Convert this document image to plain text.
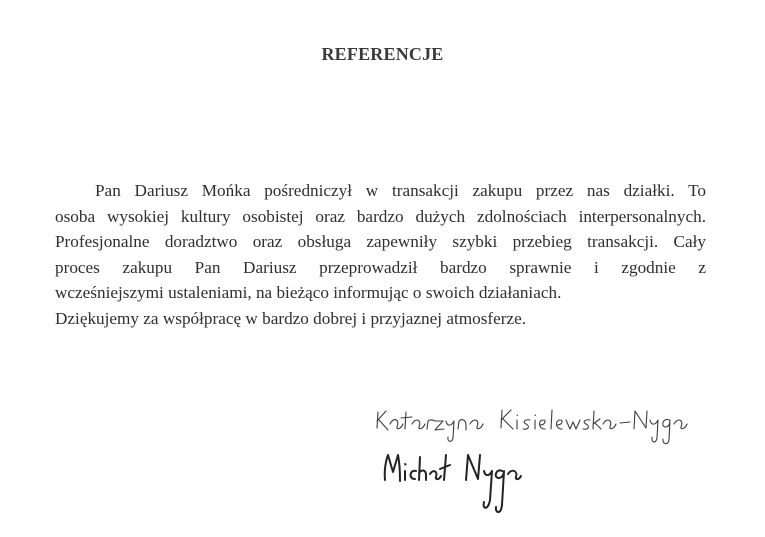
REFERENCJE
Pan Dariusz Mońka pośredniczył w transakcji zakupu przez nas działki. To
osoba wysokiej kultury osobistej oraz bardzo dużych zdolnościach interpersonalnych.
Profesjonalne doradztwo oraz obsługa zapewniły szybki przebieg transakcji. Cały
proces zakupu Pan Dariusz przeprowadził bardzo sprawnie i zgodnie z
wcześniejszymi ustaleniami, na bieżąco informując o swoich działaniach.
Dziękujemy za współpracę w bardzo dobrej i przyjaznej atmosferze.
